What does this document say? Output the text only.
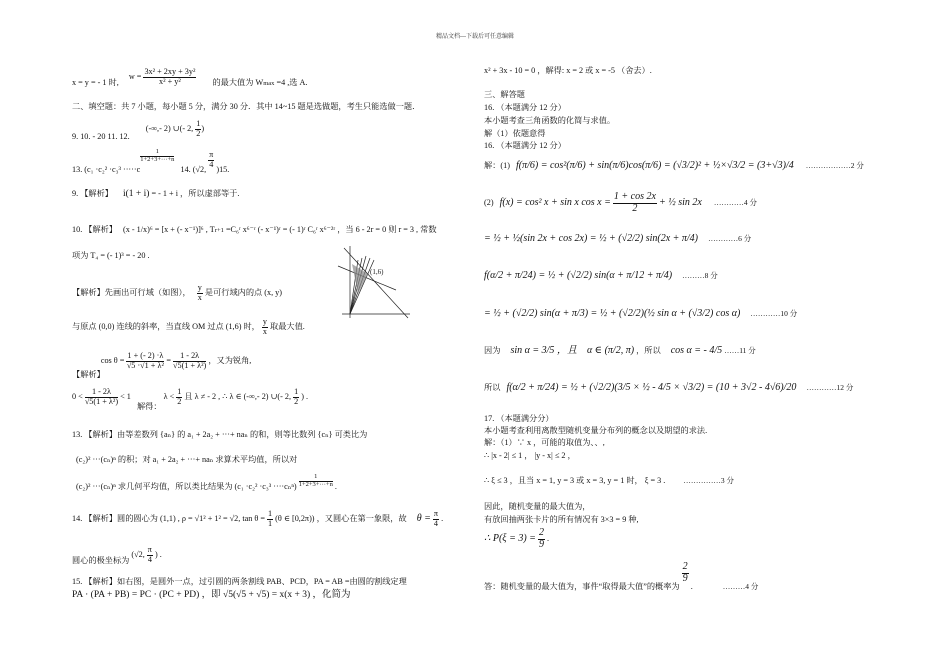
精品文档---下载后可任意编辑
x = y = - 1 时, $w = \frac{\text{3x² + 2xy + 3y²}}{\text{x² + y²}}$ 的最大值为 Wmax =4 ,选 A.
二、填空题：共 7 小题，每小题 5 分，满分 30 分．其中 14~15 题是选做题，考生只能选做一题．
9. 10. - 20 11. 12. (-∞,- 2) ∪(- 2, $\frac{1}{2}$ )
13. (c₁ ·c₂² ·c₃³ ·····c
$\frac{1}{1+2+3+\cdot\cdot\cdot+n}$
14. (√2,
$\frac{\pi}{4}$
)15.
9. 【解析】 i(1 + i) = - 1 + i ，所以虚部等于.
10. 【解析】 (x - 1/x)⁶ = [x + (- x⁻¹)]⁶ , Tr+1 =C₆ʳ x⁶⁻ʳ (- x⁻¹)ʳ = (- 1)ʳ C₆ʳ x⁶⁻²ʳ ，当 6 - 2r = 0 则 r = 3 , 常数
项为 T₄ = (- 1)³ = - 20 .
(1,6)
【解析】先画出可行域（如图）， $\frac{y}{x}$ 是可行域内的点 (x, y)
与原点 (0,0) 连线的斜率，当直线 OM 过点 (1,6) 时， $\frac{y}{x}$ 取最大值.
【解析】 $\cos \theta = \frac{1 + (- 2) \cdot\lambda}{\text{√5 ·√1 + λ²}} = \frac{1 - 2\lambda}{\text{√5(1 + λ²)}}$ ，又为锐角,
$0 < \frac{1 - 2\lambda}{\text{√5(1 + λ²)}} < 1$ 解得： $\lambda < \frac{1}{2}$ 且 λ ≠ - 2 , ∴ λ ∈ (-∞,- 2) ∪(- 2, $\frac{1}{2}$ ) .
13. 【解析】由等差数列 {aₙ} 的 a₁ + 2a₂ + ···+ naₙ 的和，则等比数列 {cₙ} 可类比为
(c₂)² ···(cₙ)ⁿ 的积；对 a₁ + 2a₂ + ···+ naₙ 求算术平均值，所以对
(c₂)² ···(cₙ)ⁿ 求几何平均值，所以类比结果为 $(c_1 \cdot c_2^2 \cdot c_3^3 \cdot\cdot\cdot\cdot c_n^n) \frac{1}{1+2+3+\cdot\cdot\cdot+n}$ .
14. 【解析】圆的圆心为 (1,1) , ρ = √1² + 1² = √2, $\tan \theta = \frac{1}{1} (\theta$ ∈ [0,2π)) ，又圆心在第一象限，故 $\theta = \frac{\pi}{4}$ .
圆心的极坐标为 (√2, $\frac{\pi}{4}$ ) .
15. 【解析】如右图，是圆外一点，过引圆的两条割线 PAB、PCD，PA = AB =由圆的割线定理
PA · (PA + PB) = PC · (PC + PD) ，即 √5(√5 + √5) = x(x + 3) ，化简为
x² + 3x - 10 = 0 ，解得: x = 2 或 x = -5 （舍去）.
三、解答题
16. （本题满分 12 分）
本小题考查三角函数的化简与求值。
解（1）依题意得
16. （本题满分 12 分）
解：(1) f(π/6) = cos²(π/6) + sin(π/6)cos(π/6) = (√3/2)² + ½×√3/2 = (3+√3)/4 ………………2 分
(2) f(x) = cos² x + sin x $\cos x = \frac{1 + \cos 2x}{2}$ + ½ sin 2x …………4 分
= ½ + ½(sin 2x + cos 2x) = ½ + (√2/2) sin(2x + π/4) …………6 分
f(α/2 + π/24) = ½ + (√2/2) sin(α + π/12 + π/4) ………8 分
= ½ + (√2/2) sin(α + π/3) = ½ + (√2/2)(½ sin α + (√3/2) cos α) …………10 分
因为 sin α = 3/5 ，且 α ∈ (π/2, π) ，所以 cos α = - 4/5 ……11 分
所以 f(α/2 + π/24) = ½ + (√2/2)(3/5 × ½ - 4/5 × √3/2) = (10 + 3√2 - 4√6)/20 …………12 分
17. （本题满分分）
本小题考查利用离散型随机变量分布列的概念以及期望的求法.
解：（1）∵ x ，可能的取值为、、,
∴ |x - 2| ≤ 1 ， |y - x| ≤ 2 ，
∴ ξ ≤ 3 ，且当 x = 1, y = 3 或 x = 3, y = 1 时， ξ = 3 . ……………3 分
因此，随机变量的最大值为，
有放回抽两张卡片的所有情况有 3×3 = 9 种,
∴ $P(\xi = 3) = \frac{2}{9}$ .
答：随机变量的最大值为，事件“取得最大值”的概率为
$\frac{2}{9}$
.	………4 分
